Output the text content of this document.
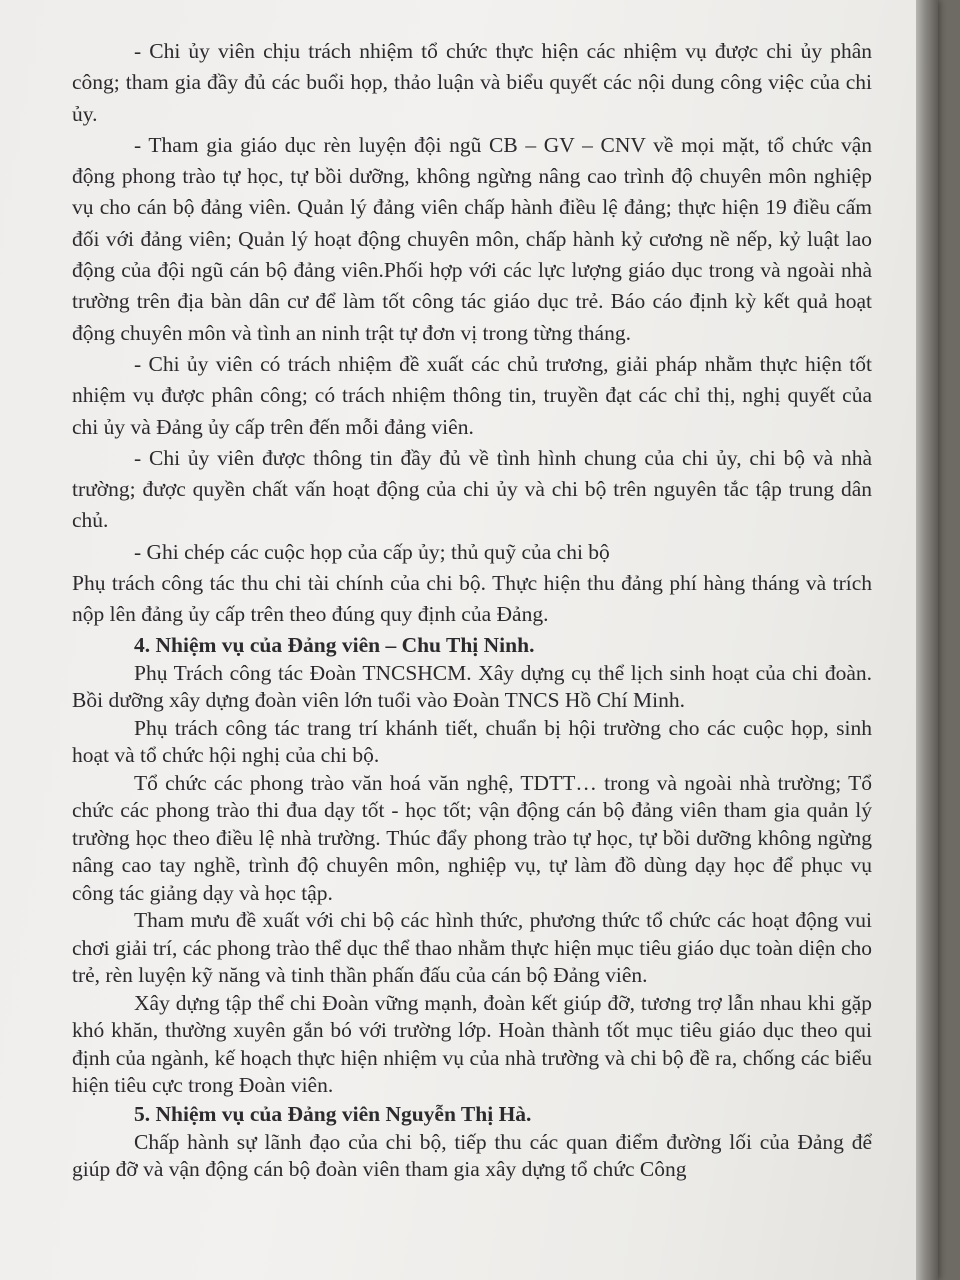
- Chi ủy viên chịu trách nhiệm tổ chức thực hiện các nhiệm vụ được chi ủy phân công; tham gia đầy đủ các buổi họp, thảo luận và biểu quyết các nội dung công việc của chi ủy.

- Tham gia giáo dục rèn luyện đội ngũ CB – GV – CNV về mọi mặt, tổ chức vận động phong trào tự học, tự bồi dưỡng, không ngừng nâng cao trình độ chuyên môn nghiệp vụ cho cán bộ đảng viên. Quản lý đảng viên chấp hành điều lệ đảng; thực hiện 19 điều cấm đối với đảng viên; Quản lý hoạt động chuyên môn, chấp hành kỷ cương nề nếp, kỷ luật lao động của đội ngũ cán bộ đảng viên.Phối hợp với các lực lượng giáo dục trong và ngoài nhà trường trên địa bàn dân cư để làm tốt công tác giáo dục trẻ. Báo cáo định kỳ kết quả hoạt động chuyên môn và tình an ninh trật tự đơn vị trong từng tháng.

- Chi ủy viên có trách nhiệm đề xuất các chủ trương, giải pháp nhằm thực hiện tốt nhiệm vụ được phân công; có trách nhiệm thông tin, truyền đạt các chỉ thị, nghị quyết của chi ủy và Đảng ủy cấp trên đến mỗi đảng viên.

- Chi ủy viên được thông tin đầy đủ về tình hình chung của chi ủy, chi bộ và nhà trường; được quyền chất vấn hoạt động của chi ủy và chi bộ trên nguyên tắc tập trung dân chủ.

- Ghi chép các cuộc họp của cấp ủy; thủ quỹ của chi bộ

Phụ trách công tác thu chi tài chính của chi bộ. Thực hiện thu đảng phí hàng tháng và trích nộp lên đảng ủy cấp trên theo đúng quy định của Đảng.

4. Nhiệm vụ của Đảng viên – Chu Thị Ninh.

Phụ Trách công tác Đoàn TNCSHCM. Xây dựng cụ thể lịch sinh hoạt của chi đoàn. Bồi dưỡng xây dựng đoàn viên lớn tuổi vào Đoàn TNCS Hồ Chí Minh.

Phụ trách công tác trang trí khánh tiết, chuẩn bị hội trường cho các cuộc họp, sinh hoạt và tổ chức hội nghị của chi bộ.

Tổ chức các phong trào văn hoá văn nghệ, TDTT… trong và ngoài nhà trường; Tổ chức các phong trào thi đua dạy tốt - học tốt; vận động cán bộ đảng viên tham gia quản lý trường học theo điều lệ nhà trường. Thúc đẩy phong trào tự học, tự bồi dưỡng không ngừng nâng cao tay nghề, trình độ chuyên môn, nghiệp vụ, tự làm đồ dùng dạy học để phục vụ công tác giảng dạy và học tập.

Tham mưu đề xuất với chi bộ các hình thức, phương thức tổ chức các hoạt động vui chơi giải trí, các phong trào thể dục thể thao nhằm thực hiện mục tiêu giáo dục toàn diện cho trẻ, rèn luyện kỹ năng và tinh thần phấn đấu của cán bộ Đảng viên.

Xây dựng tập thể chi Đoàn vững mạnh, đoàn kết giúp đỡ, tương trợ lẫn nhau khi gặp khó khăn, thường xuyên gắn bó với trường lớp. Hoàn thành tốt mục tiêu giáo dục theo qui định của ngành, kế hoạch thực hiện nhiệm vụ của nhà trường và chi bộ đề ra, chống các biểu hiện tiêu cực trong Đoàn viên.

5. Nhiệm vụ của Đảng viên Nguyễn Thị Hà.

Chấp hành sự lãnh đạo của chi bộ, tiếp thu các quan điểm đường lối của Đảng để giúp đỡ và vận động cán bộ đoàn viên tham gia xây dựng tổ chức Công
